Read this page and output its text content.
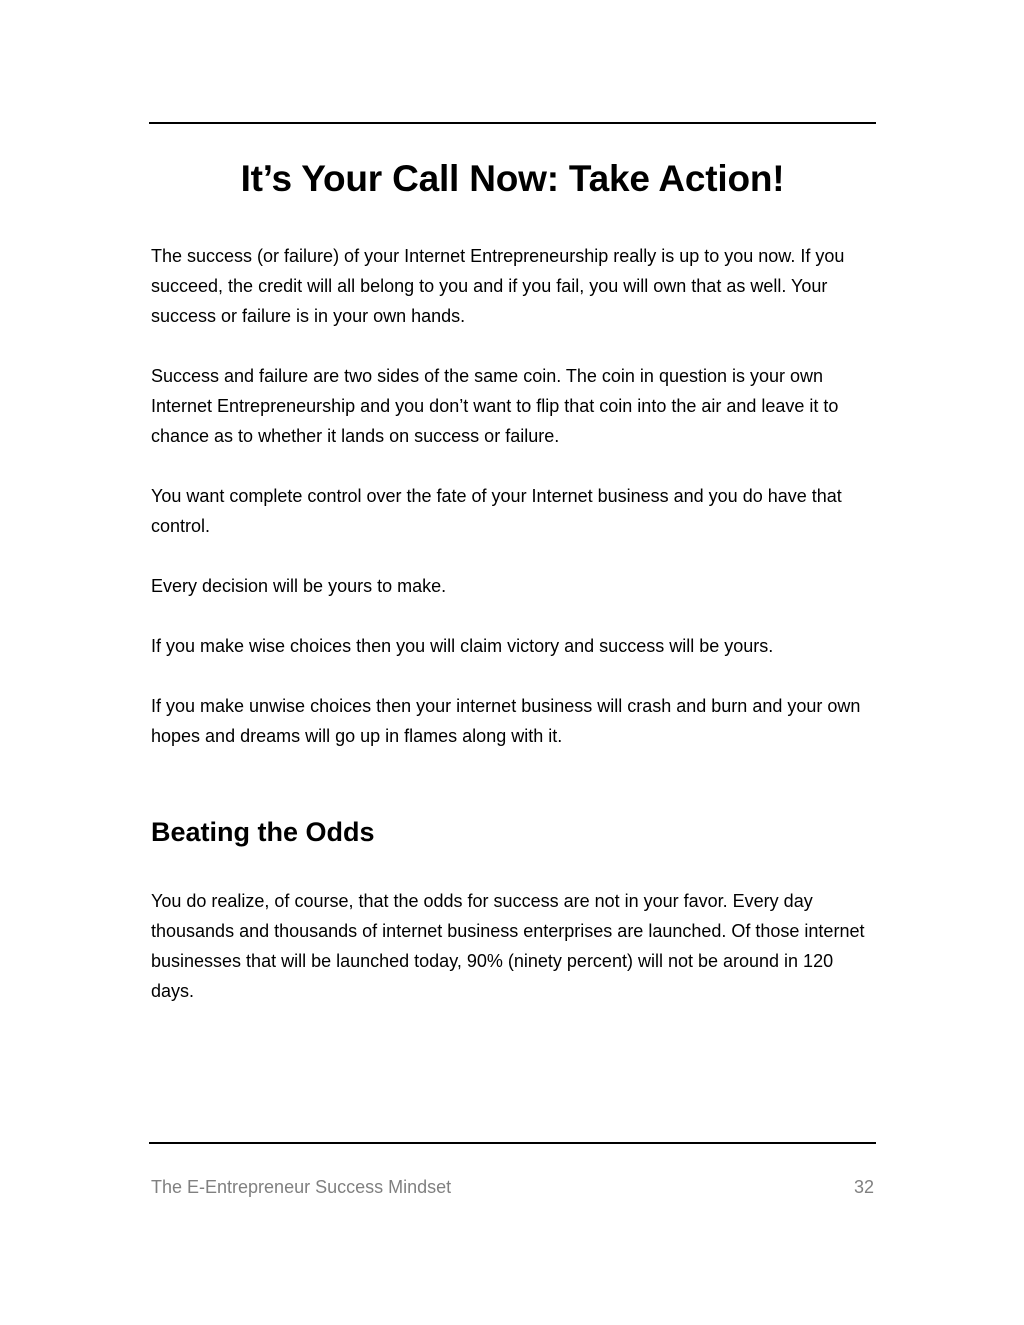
It’s Your Call Now: Take Action!

The success (or failure) of your Internet Entrepreneurship really is up to you now. If you succeed, the credit will all belong to you and if you fail, you will own that as well. Your success or failure is in your own hands.

Success and failure are two sides of the same coin. The coin in question is your own Internet Entrepreneurship and you don’t want to flip that coin into the air and leave it to chance as to whether it lands on success or failure.

You want complete control over the fate of your Internet business and you do have that control.

Every decision will be yours to make.

If you make wise choices then you will claim victory and success will be yours.

If you make unwise choices then your internet business will crash and burn and your own hopes and dreams will go up in flames along with it.

Beating the Odds

You do realize, of course, that the odds for success are not in your favor. Every day thousands and thousands of internet business enterprises are launched. Of those internet businesses that will be launched today, 90% (ninety percent) will not be around in 120 days.

The E-Entrepreneur Success Mindset	32
